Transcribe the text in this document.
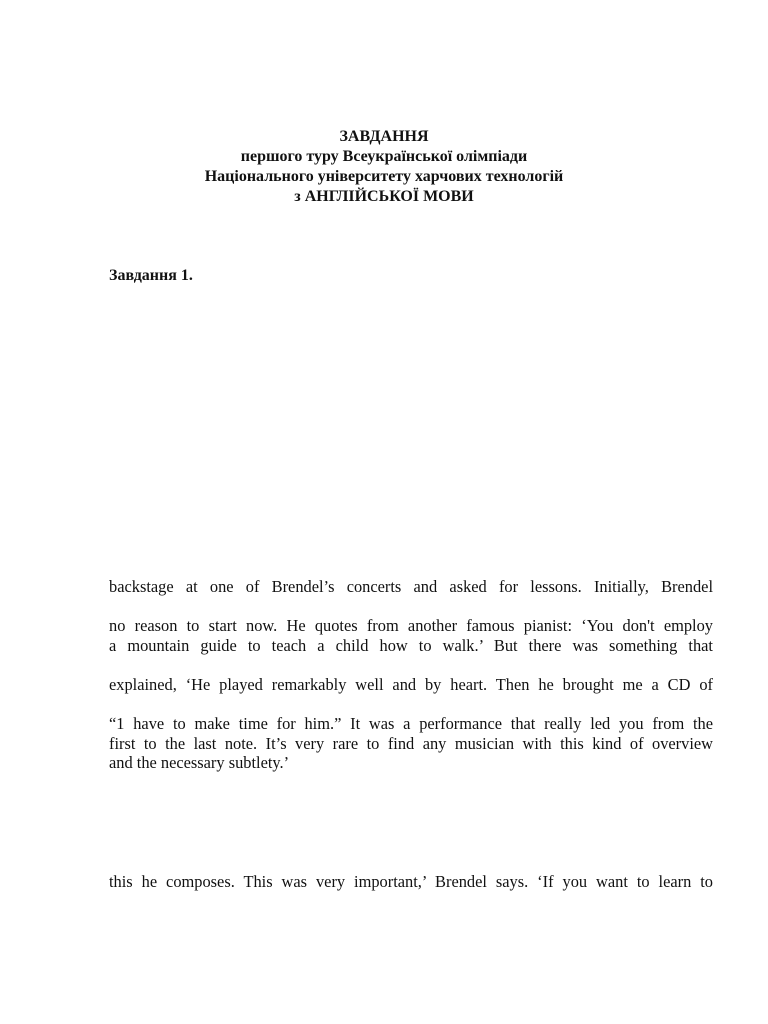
ЗАВДАННЯ
першого туру Всеукраїнської олімпіади
Національного університету харчових технологій
з АНГЛІЙСЬКОЇ МОВИ
Завдання 1.
backstage at one of Brendel’s concerts and asked for lessons. Initially, Brendel
no reason to start now. He quotes from another famous pianist: ‘You don't employ
a mountain guide to teach a child how to walk.’ But there was something that
explained, ‘He played remarkably well and by heart. Then he brought me a CD of
“1 have to make time for him.” It was a performance that really led you from the
first to the last note. It’s very rare to find any musician with this kind of overview
and the necessary subtlety.’
this he composes. This was very important,’ Brendel says. ‘If you want to learn to
